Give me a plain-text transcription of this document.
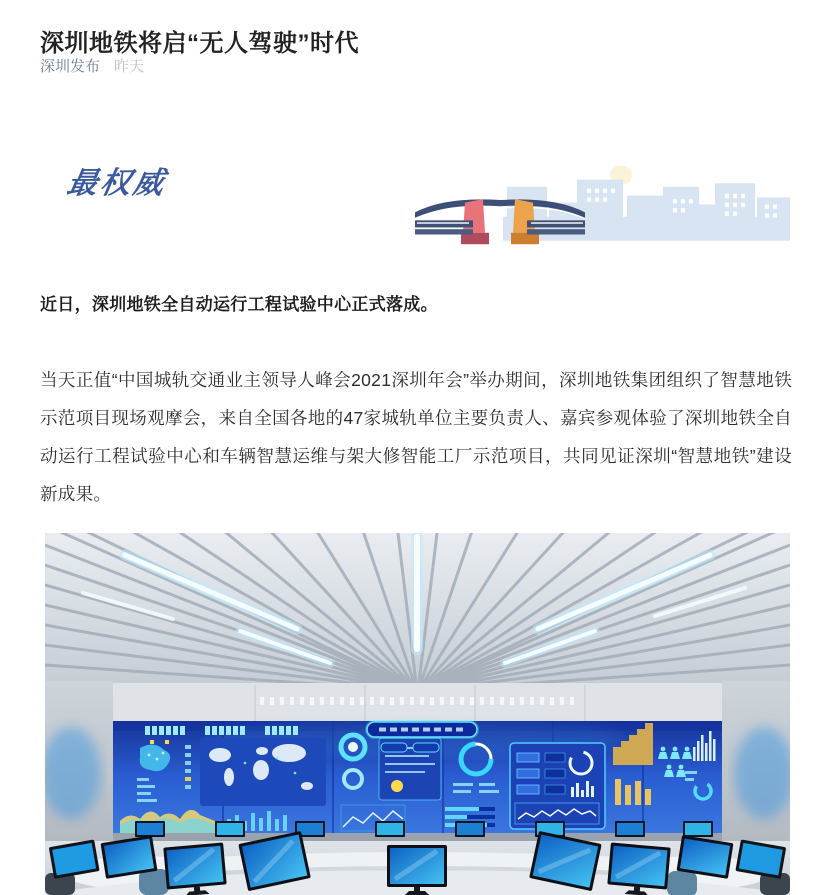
深圳地铁将启“无人驾驶”时代
深圳发布 昨天
最权威

近日，深圳地铁全自动运行工程试验中心正式落成。

当天正值“中国城轨交通业主领导人峰会2021深圳年会”举办期间，深圳地铁集团组织了智慧地铁示范项目现场观摩会，来自全国各地的47家城轨单位主要负责人、嘉宾参观体验了深圳地铁全自动运行工程试验中心和车辆智慧运维与架大修智能工厂示范项目，共同见证深圳“智慧地铁”建设新成果。
